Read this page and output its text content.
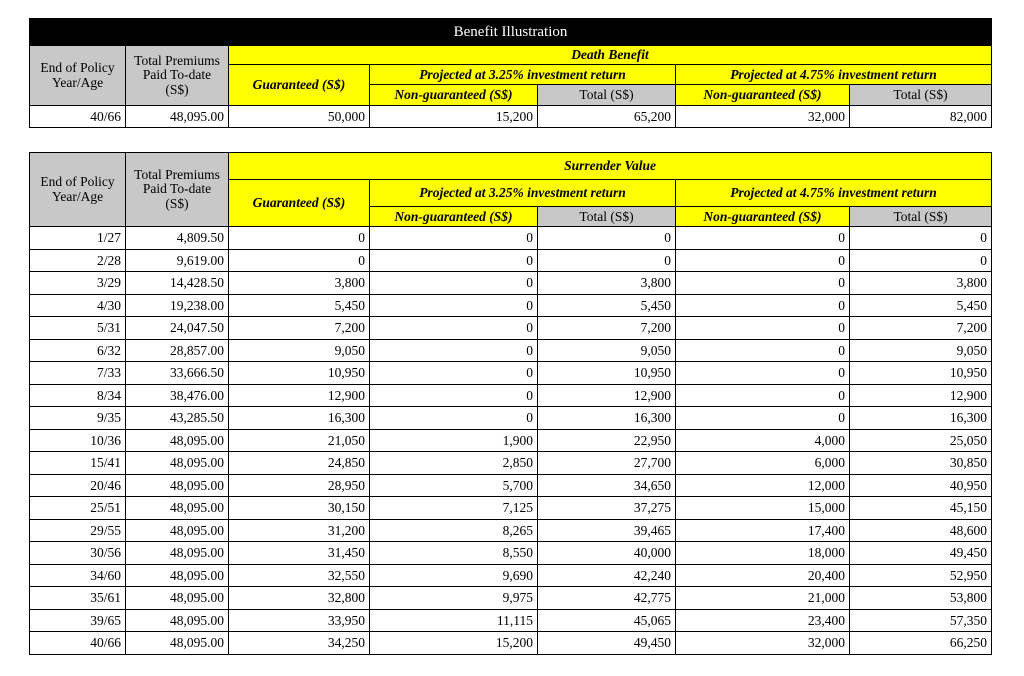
Benefit Illustration						
End of Policy Year/Age	Total Premiums Paid To-date (S$)	Death Benefit				
		Guaranteed (S$)	Projected at 3.25% investment return		Projected at 4.75% investment return	
			Non-guaranteed (S$)	Total (S$)	Non-guaranteed (S$)	Total (S$)
40/66	48,095.00	50,000	15,200	65,200	32,000	82,000
End of Policy Year/Age	Total Premiums Paid To-date (S$)	Surrender Value				
		Guaranteed (S$)	Projected at 3.25% investment return		Projected at 4.75% investment return	
			Non-guaranteed (S$)	Total (S$)	Non-guaranteed (S$)	Total (S$)
1/27	4,809.50	0	0	0	0	0
2/28	9,619.00	0	0	0	0	0
3/29	14,428.50	3,800	0	3,800	0	3,800
4/30	19,238.00	5,450	0	5,450	0	5,450
5/31	24,047.50	7,200	0	7,200	0	7,200
6/32	28,857.00	9,050	0	9,050	0	9,050
7/33	33,666.50	10,950	0	10,950	0	10,950
8/34	38,476.00	12,900	0	12,900	0	12,900
9/35	43,285.50	16,300	0	16,300	0	16,300
10/36	48,095.00	21,050	1,900	22,950	4,000	25,050
15/41	48,095.00	24,850	2,850	27,700	6,000	30,850
20/46	48,095.00	28,950	5,700	34,650	12,000	40,950
25/51	48,095.00	30,150	7,125	37,275	15,000	45,150
29/55	48,095.00	31,200	8,265	39,465	17,400	48,600
30/56	48,095.00	31,450	8,550	40,000	18,000	49,450
34/60	48,095.00	32,550	9,690	42,240	20,400	52,950
35/61	48,095.00	32,800	9,975	42,775	21,000	53,800
39/65	48,095.00	33,950	11,115	45,065	23,400	57,350
40/66	48,095.00	34,250	15,200	49,450	32,000	66,250
